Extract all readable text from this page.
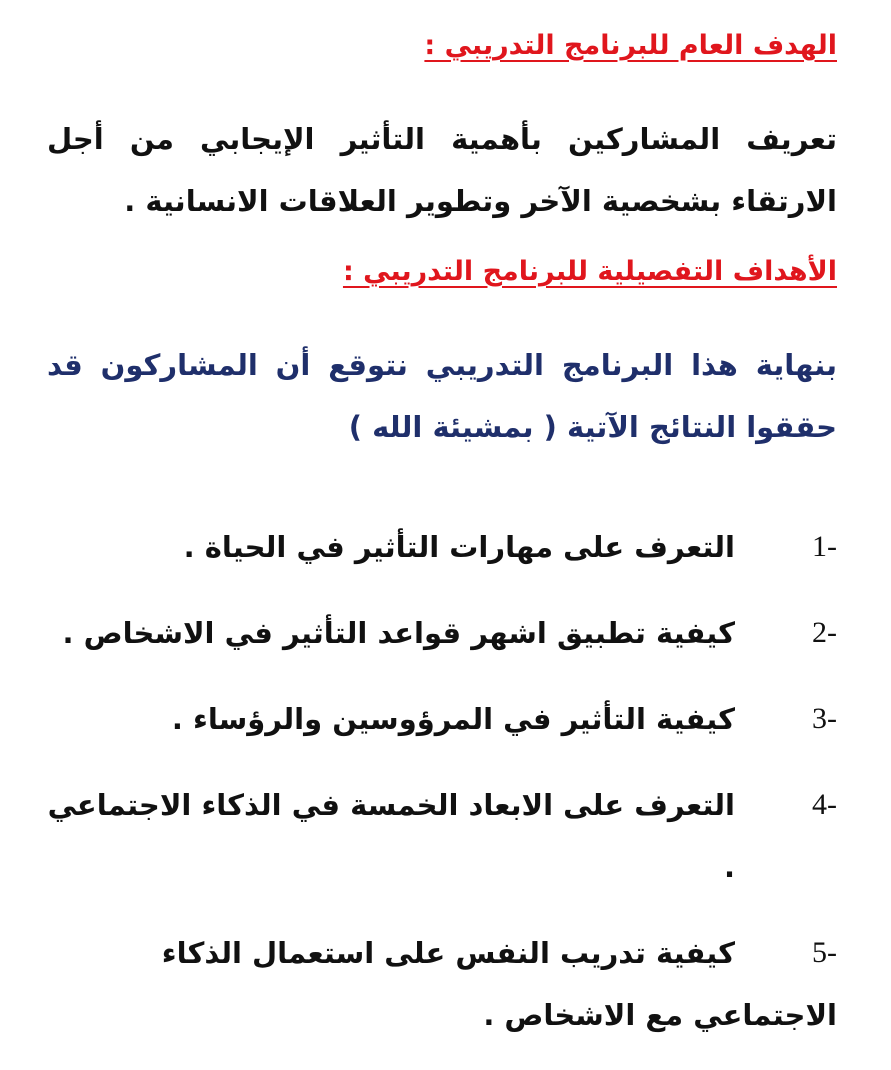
الهدف العام للبرنامج التدريبي :
تعريف المشاركين بأهمية التأثير الإيجابي من أجل الارتقاء بشخصية الآخر وتطوير العلاقات الانسانية .
الأهداف التفصيلية للبرنامج التدريبي :
بنهاية هذا البرنامج التدريبي نتوقع أن المشاركون قد حققوا النتائج الآتية ( بمشيئة الله )
1-
التعرف على مهارات التأثير في الحياة .
2-
كيفية تطبيق اشهر قواعد التأثير في الاشخاص .
3-
كيفية التأثير في المرؤوسين والرؤساء .
4-
التعرف على الابعاد الخمسة في الذكاء الاجتماعي .
5-
كيفية تدريب النفس على استعمال الذكاء الاجتماعي مع الاشخاص .
